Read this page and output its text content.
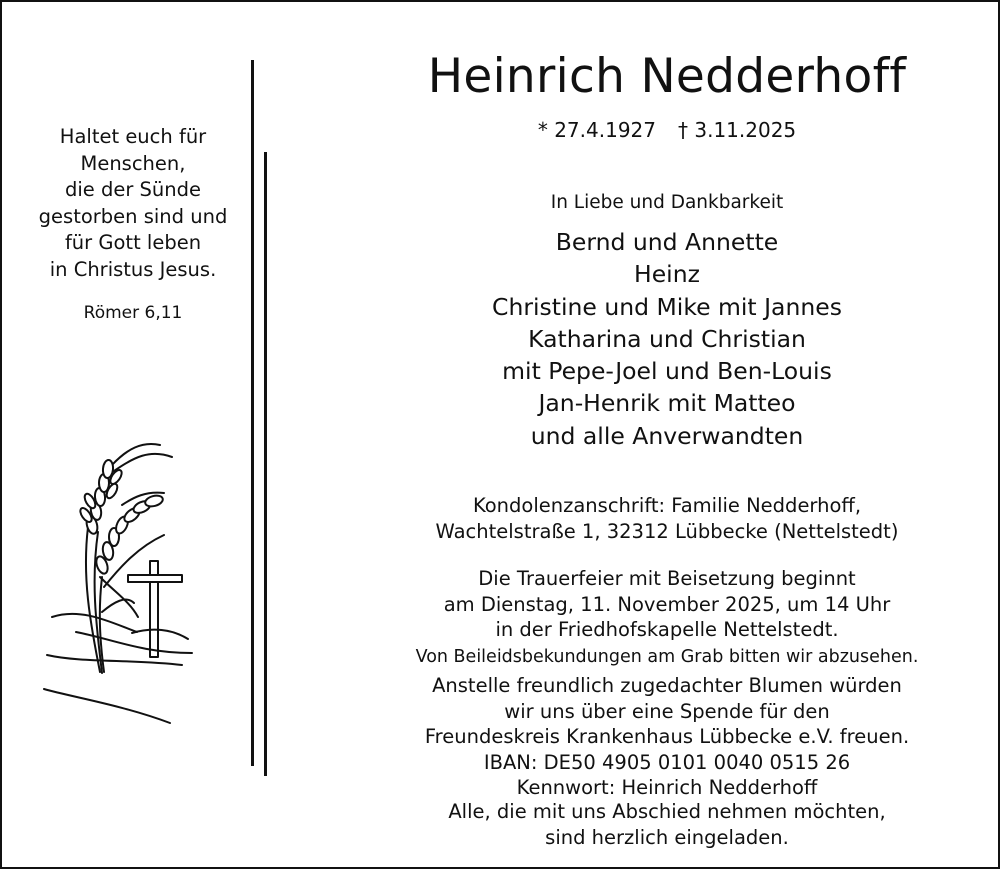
Haltet euch für
Menschen,
die der Sünde
gestorben sind und
für Gott leben
in Christus Jesus.
Römer 6,11
Heinrich Nedderhoff
* 27.4.1927 † 3.11.2025
In Liebe und Dankbarkeit
Bernd und Annette
Heinz
Christine und Mike mit Jannes
Katharina und Christian
mit Pepe-Joel und Ben-Louis
Jan-Henrik mit Matteo
und alle Anverwandten
Kondolenzanschrift: Familie Nedderhoff,
Wachtelstraße 1, 32312 Lübbecke (Nettelstedt)
Die Trauerfeier mit Beisetzung beginnt
am Dienstag, 11. November 2025, um 14 Uhr
in der Friedhofskapelle Nettelstedt.
Von Beileidsbekundungen am Grab bitten wir abzusehen.
Anstelle freundlich zugedachter Blumen würden
wir uns über eine Spende für den
Freundeskreis Krankenhaus Lübbecke e.V. freuen.
IBAN: DE50 4905 0101 0040 0515 26
Kennwort: Heinrich Nedderhoff
Alle, die mit uns Abschied nehmen möchten,
sind herzlich eingeladen.
